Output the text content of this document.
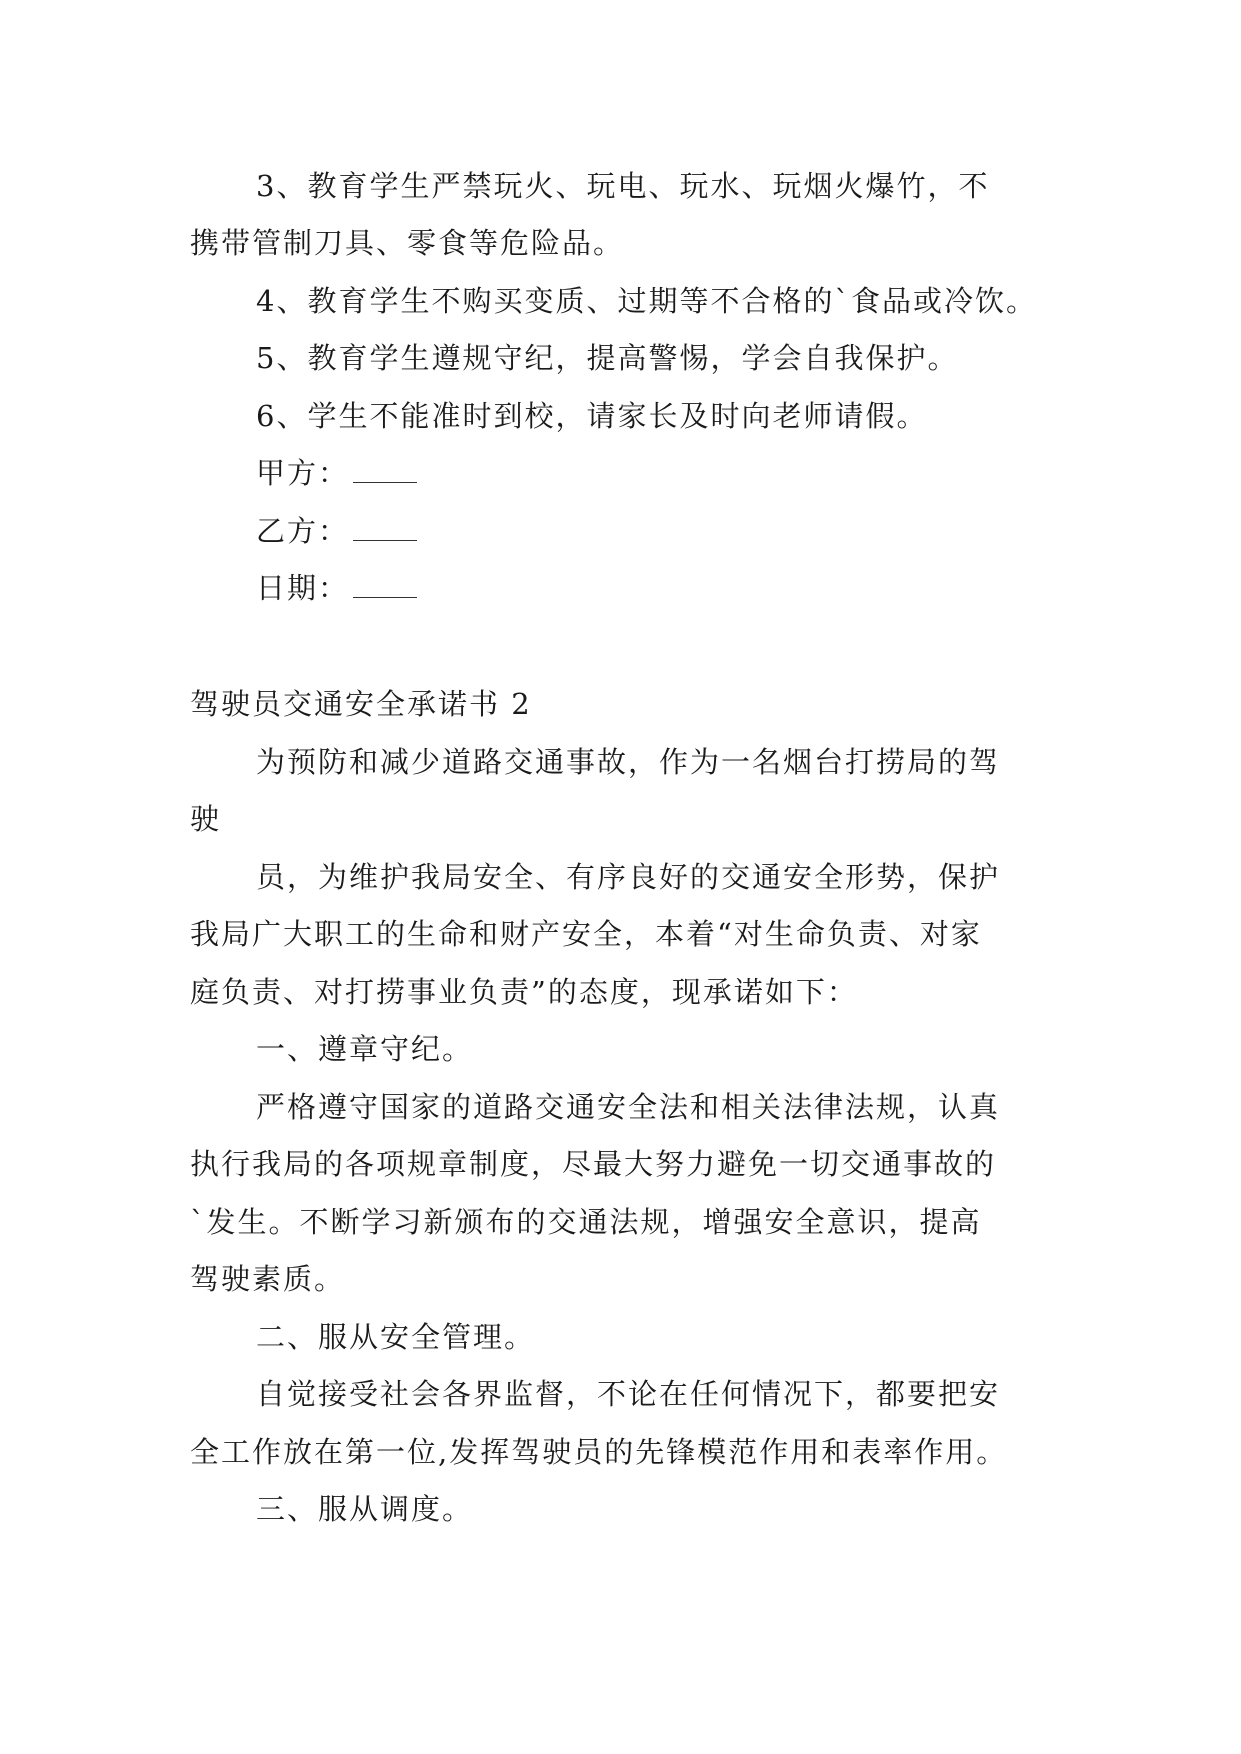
3、教育学生严禁玩火、玩电、玩水、玩烟火爆竹，不
携带管制刀具、零食等危险品。
4、教育学生不购买变质、过期等不合格的`食品或冷饮。
5、教育学生遵规守纪，提高警惕，学会自我保护。
6、学生不能准时到校，请家长及时向老师请假。
甲方：
乙方：
日期：
驾驶员交通安全承诺书 2
为预防和减少道路交通事故，作为一名烟台打捞局的驾
驶
员，为维护我局安全、有序良好的交通安全形势，保护
我局广大职工的生命和财产安全，本着“对生命负责、对家
庭负责、对打捞事业负责”的态度，现承诺如下：
一、遵章守纪。
严格遵守国家的道路交通安全法和相关法律法规，认真
执行我局的各项规章制度，尽最大努力避免一切交通事故的
`发生。不断学习新颁布的交通法规，增强安全意识，提高
驾驶素质。
二、服从安全管理。
自觉接受社会各界监督，不论在任何情况下，都要把安
全工作放在第一位,发挥驾驶员的先锋模范作用和表率作用。
三、服从调度。
